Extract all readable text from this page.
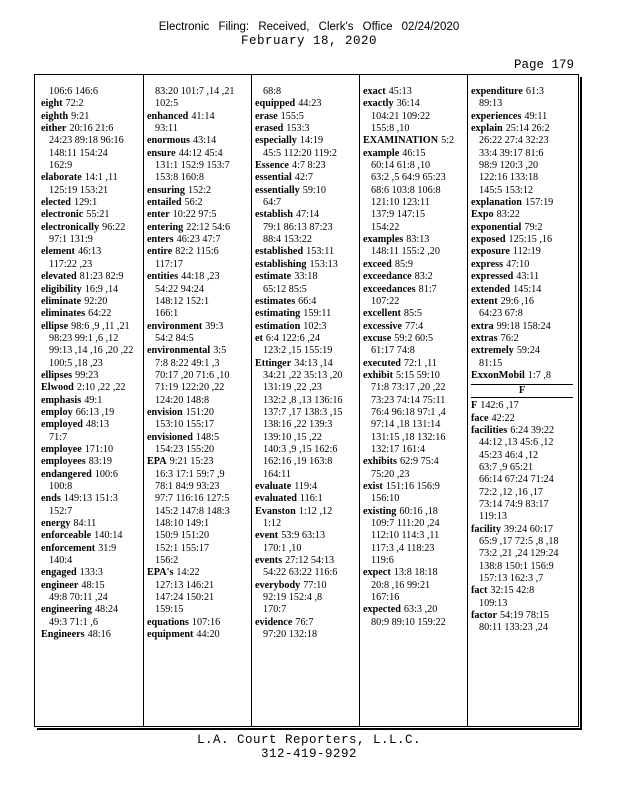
Electronic Filing: Received, Clerk's Office 02/24/2020
February 18, 2020
Page 179
106:6 146:6
eight 72:2
eighth 9:21
either 20:16 21:6
24:23 89:18 96:16
148:11 154:24
162:9
elaborate 14:1 ,11
125:19 153:21
elected 129:1
electronic 55:21
electronically 96:22
97:1 131:9
element 46:13
117:22 ,23
elevated 81:23 82:9
eligibility 16:9 ,14
eliminate 92:20
eliminates 64:22
ellipse 98:6 ,9 ,11 ,21
98:23 99:1 ,6 ,12
99:13 ,14 ,16 ,20 ,22
100:5 ,18 ,23
ellipses 99:23
Elwood 2:10 ,22 ,22
emphasis 49:1
employ 66:13 ,19
employed 48:13
71:7
employee 171:10
employees 83:19
endangered 100:6
100:8
ends 149:13 151:3
152:7
energy 84:11
enforceable 140:14
enforcement 31:9
140:4
engaged 133:3
engineer 48:15
49:8 70:11 ,24
engineering 48:24
49:3 71:1 ,6
Engineers 48:16
83:20 101:7 ,14 ,21
102:5
enhanced 41:14
93:11
enormous 43:14
ensure 44:12 45:4
131:1 152:9 153:7
153:8 160:8
ensuring 152:2
entailed 56:2
enter 10:22 97:5
entering 22:12 54:6
enters 46:23 47:7
entire 82:2 115:6
117:17
entities 44:18 ,23
54:22 94:24
148:12 152:1
166:1
environment 39:3
54:2 84:5
environmental 3:5
7:8 8:22 49:1 ,3
70:17 ,20 71:6 ,10
71:19 122:20 ,22
124:20 148:8
envision 151:20
153:10 155:17
envisioned 148:5
154:23 155:20
EPA 9:21 15:23
16:3 17:1 59:7 ,9
78:1 84:9 93:23
97:7 116:16 127:5
145:2 147:8 148:3
148:10 149:1
150:9 151:20
152:1 155:17
156:2
EPA's 14:22
127:13 146:21
147:24 150:21
159:15
equations 107:16
equipment 44:20
68:8
equipped 44:23
erase 155:5
erased 153:3
especially 14:19
45:5 112:20 119:2
Essence 4:7 8:23
essential 42:7
essentially 59:10
64:7
establish 47:14
79:1 86:13 87:23
88:4 153:22
established 153:11
establishing 153:13
estimate 33:18
65:12 85:5
estimates 66:4
estimating 159:11
estimation 102:3
et 6:4 122:6 ,24
123:2 ,15 155:19
Ettinger 34:13 ,14
34:21 ,22 35:13 ,20
131:19 ,22 ,23
132:2 ,8 ,13 136:16
137:7 ,17 138:3 ,15
138:16 ,22 139:3
139:10 ,15 ,22
140:3 ,9 ,15 162:6
162:16 ,19 163:8
164:11
evaluate 119:4
evaluated 116:1
Evanston 1:12 ,12
1:12
event 53:9 63:13
170:1 ,10
events 27:12 54:13
54:22 63:22 116:6
everybody 77:10
92:19 152:4 ,8
170:7
evidence 76:7
97:20 132:18
exact 45:13
exactly 36:14
104:21 109:22
155:8 ,10
EXAMINATION 5:2
example 46:15
60:14 61:8 ,10
63:2 ,5 64:9 65:23
68:6 103:8 106:8
121:10 123:11
137:9 147:15
154:22
examples 83:13
148:11 155:2 ,20
exceed 85:9
exceedance 83:2
exceedances 81:7
107:22
excellent 85:5
excessive 77:4
excuse 59:2 60:5
61:17 74:8
executed 72:1 ,11
exhibit 5:15 59:10
71:8 73:17 ,20 ,22
73:23 74:14 75:11
76:4 96:18 97:1 ,4
97:14 ,18 131:14
131:15 ,18 132:16
132:17 161:4
exhibits 62:9 75:4
75:20 ,23
exist 151:16 156:9
156:10
existing 60:16 ,18
109:7 111:20 ,24
112:10 114:3 ,11
117:3 ,4 118:23
119:6
expect 13:8 18:18
20:8 ,16 99:21
167:16
expected 63:3 ,20
80:9 89:10 159:22
expenditure 61:3
89:13
experiences 49:11
explain 25:14 26:2
26:22 27:4 32:23
33:4 39:17 81:6
98:9 120:3 ,20
122:16 133:18
145:5 153:12
explanation 157:19
Expo 83:22
exponential 79:2
exposed 125:15 ,16
exposure 112:19
express 47:10
expressed 43:11
extended 145:14
extent 29:6 ,16
64:23 67:8
extra 99:18 158:24
extras 76:2
extremely 59:24
81:15
ExxonMobil 1:7 ,8
F
F 142:6 ,17
face 42:22
facilities 6:24 39:22
44:12 ,13 45:6 ,12
45:23 46:4 ,12
63:7 ,9 65:21
66:14 67:24 71:24
72:2 ,12 ,16 ,17
73:14 74:9 83:17
119:13
facility 39:24 60:17
65:9 ,17 72:5 ,8 ,18
73:2 ,21 ,24 129:24
138:8 150:1 156:9
157:13 162:3 ,7
fact 32:15 42:8
109:13
factor 54:19 78:15
80:11 133:23 ,24
L.A. Court Reporters, L.L.C.
312-419-9292
